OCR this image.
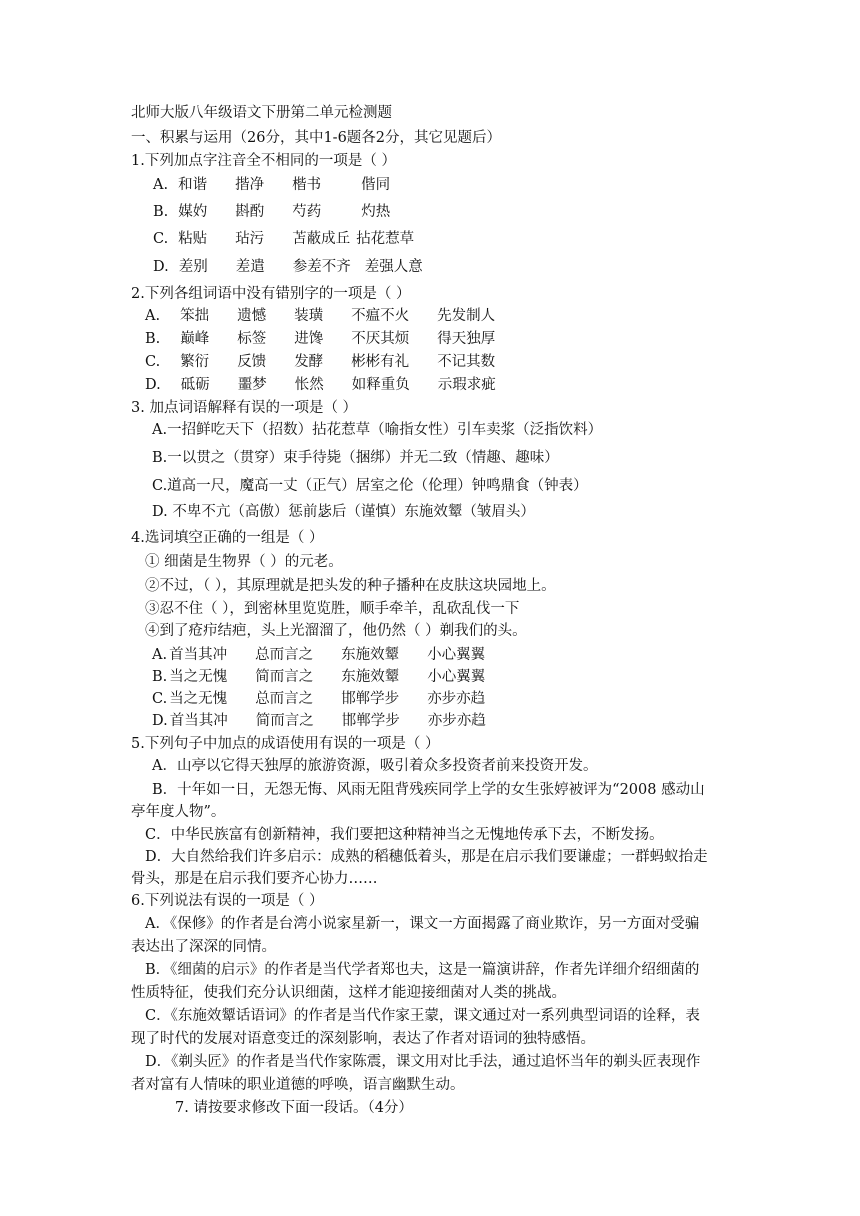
北师大版八年级语文下册第二单元检测题
一、积累与运用（26分，其中1-6题各2分，其它见题后）
1.下列加点字注音全不相同的一项是（ ）
A. 和谐 揩净 楷书	偕同
B. 媒妁 斟酌 芍药	灼热
C. 粘贴 玷污 苫蔽成丘 拈花惹草
D. 差别 差遣 参差不齐 差强人意
2.下列各组词语中没有错别字的一项是（ ）
A. 笨拙 遗憾 装璜 不瘟不火 先发制人
B. 巅峰 标签 进馋 不厌其烦 得天独厚
C. 繁衍 反馈 发酵 彬彬有礼 不记其数
D. 砥砺 噩梦 怅然 如释重负 示瑕求疵
3. 加点词语解释有误的一项是（ ）
A.一招鲜吃天下（招数）拈花惹草（喻指女性）引车卖浆（泛指饮料）
B.一以贯之（贯穿）束手待毙（捆绑）并无二致（情趣、趣味）
C.道高一尺，魔高一丈（正气）居室之伦（伦理）钟鸣鼎食（钟表）
D. 不卑不亢（高傲）惩前毖后（谨慎）东施效颦（皱眉头）
4.选词填空正确的一组是（ ）
① 细菌是生物界（ ）的元老。
②不过，（ ），其原理就是把头发的种子播种在皮肤这块园地上。
③忍不住（ ），到密林里览览胜，顺手牵羊，乱砍乱伐一下
④到了疮疖结疤，头上光溜溜了，他仍然（ ）剃我们的头。
A. 首当其冲 总而言之 东施效颦 小心翼翼
B. 当之无愧 简而言之 东施效颦 小心翼翼
C. 当之无愧 总而言之 邯郸学步 亦步亦趋
D. 首当其冲 简而言之 邯郸学步 亦步亦趋
5.下列句子中加点的成语使用有误的一项是（ ）
A．山亭以它得天独厚的旅游资源，吸引着众多投资者前来投资开发。
B．十年如一日，无怨无悔、风雨无阻背残疾同学上学的女生张婷被评为“2008 感动山
亭年度人物”。
C．中华民族富有创新精神，我们要把这种精神当之无愧地传承下去，不断发扬。
D．大自然给我们许多启示：成熟的稻穗低着头，那是在启示我们要谦虚；一群蚂蚁抬走
骨头，那是在启示我们要齐心协力……
6.下列说法有误的一项是（ ）
A．《保修》的作者是台湾小说家星新一，课文一方面揭露了商业欺诈，另一方面对受骗
表达出了深深的同情。
B．《细菌的启示》的作者是当代学者郑也夫，这是一篇演讲辞，作者先详细介绍细菌的
性质特征，使我们充分认识细菌，这样才能迎接细菌对人类的挑战。
C．《东施效颦话语词》的作者是当代作家王蒙，课文通过对一系列典型词语的诠释，表
现了时代的发展对语意变迁的深刻影响，表达了作者对语词的独特感悟。
D．《剃头匠》的作者是当代作家陈震，课文用对比手法，通过追怀当年的剃头匠表现作
者对富有人情味的职业道德的呼唤，语言幽默生动。
7. 请按要求修改下面一段话。（4分）
